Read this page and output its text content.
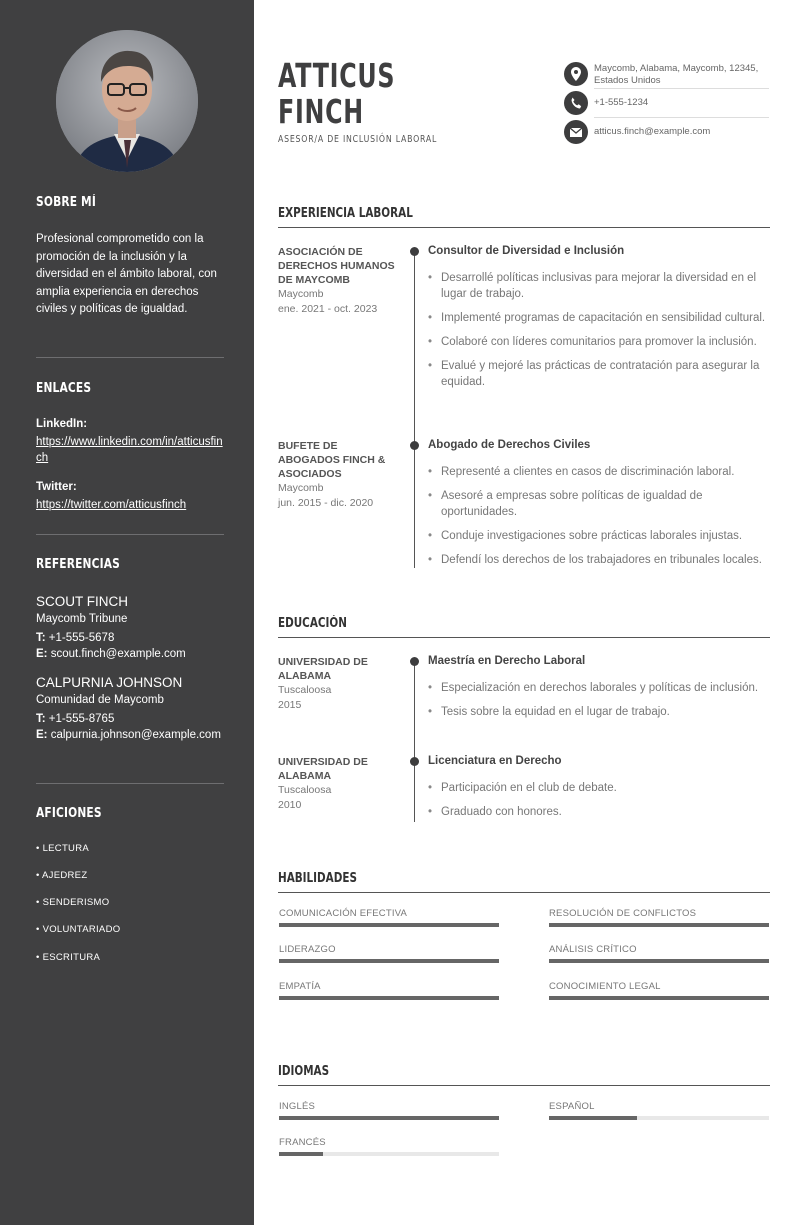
SOBRE MÍ
Profesional comprometido con la promoción de la inclusión y la diversidad en el ámbito laboral, con amplia experiencia en derechos civiles y políticas de igualdad.
ENLACES
LinkedIn:
https://www.linkedin.com/in/atticusfinch
Twitter:
https://twitter.com/atticusfinch
REFERENCIAS
SCOUT FINCH
Maycomb Tribune
T: +1-555-5678
E: scout.finch@example.com
CALPURNIA JOHNSON
Comunidad de Maycomb
T: +1-555-8765
E: calpurnia.johnson@example.com
AFICIONES
• LECTURA
• AJEDREZ
• SENDERISMO
• VOLUNTARIADO
• ESCRITURA
ATTICUS
FINCH
ASESOR/A DE INCLUSIÓN LABORAL
Maycomb, Alabama, Maycomb, 12345, Estados Unidos
+1-555-1234
atticus.finch@example.com
EXPERIENCIA LABORAL
ASOCIACIÓN DE DERECHOS HUMANOS DE MAYCOMB
Maycomb
ene. 2021 - oct. 2023
Consultor de Diversidad e Inclusión
• Desarrollé políticas inclusivas para mejorar la diversidad en el lugar de trabajo.
• Implementé programas de capacitación en sensibilidad cultural.
• Colaboré con líderes comunitarios para promover la inclusión.
• Evalué y mejoré las prácticas de contratación para asegurar la equidad.
BUFETE DE ABOGADOS FINCH & ASOCIADOS
Maycomb
jun. 2015 - dic. 2020
Abogado de Derechos Civiles
• Representé a clientes en casos de discriminación laboral.
• Asesoré a empresas sobre políticas de igualdad de oportunidades.
• Conduje investigaciones sobre prácticas laborales injustas.
• Defendí los derechos de los trabajadores en tribunales locales.
EDUCACIÓN
UNIVERSIDAD DE ALABAMA
Tuscaloosa
2015
Maestría en Derecho Laboral
• Especialización en derechos laborales y políticas de inclusión.
• Tesis sobre la equidad en el lugar de trabajo.
UNIVERSIDAD DE ALABAMA
Tuscaloosa
2010
Licenciatura en Derecho
• Participación en el club de debate.
• Graduado con honores.
HABILIDADES
COMUNICACIÓN EFECTIVA	RESOLUCIÓN DE CONFLICTOS
LIDERAZGO	ANÁLISIS CRÍTICO
EMPATÍA	CONOCIMIENTO LEGAL
IDIOMAS
INGLÉS	ESPAÑOL
FRANCÉS
